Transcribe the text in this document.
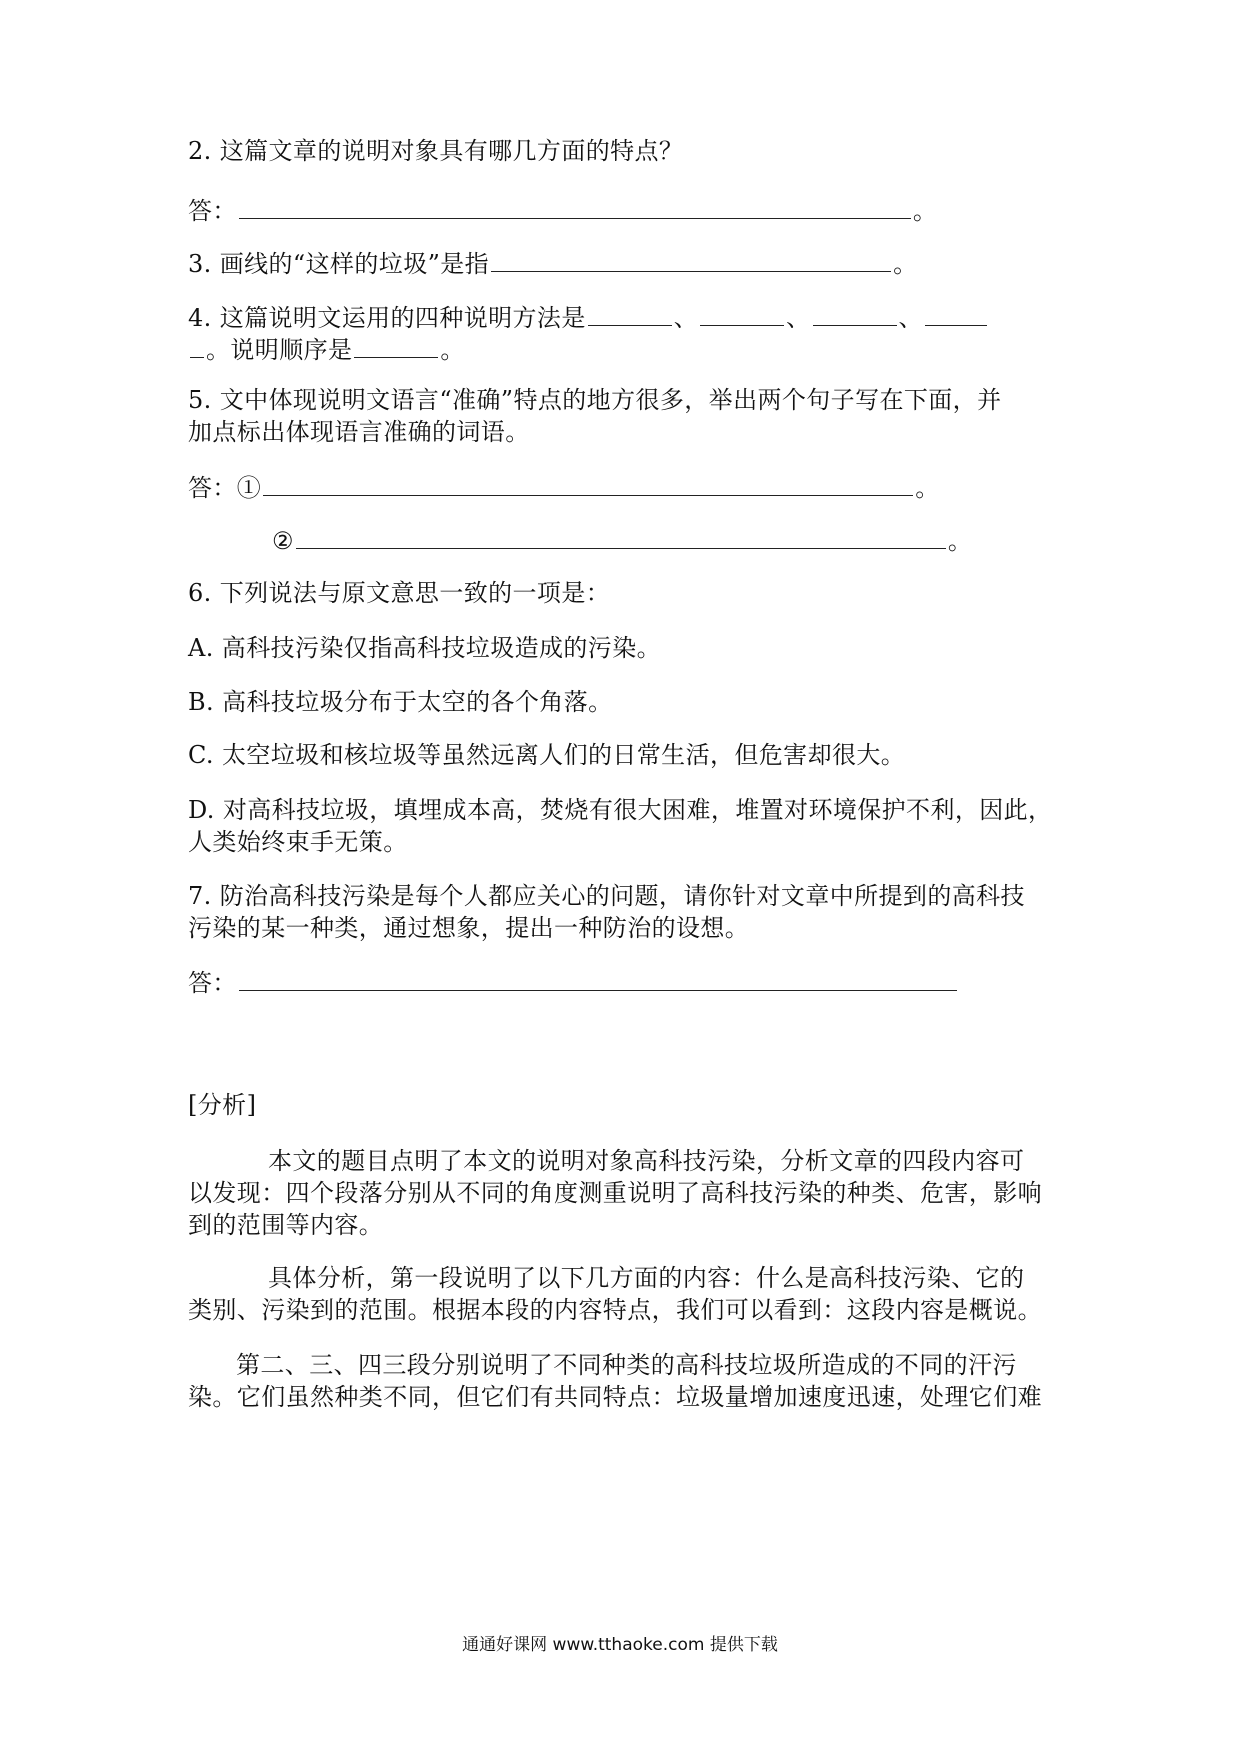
2. 这篇文章的说明对象具有哪几方面的特点？
答：	。
3. 画线的“这样的垃圾”是指	。
4. 这篇说明文运用的四种说明方法是	、	、	、
。说明顺序是	。
5. 文中体现说明文语言“准确”特点的地方很多，举出两个句子写在下面，并
加点标出体现语言准确的词语。
答：①	。
②	。
6. 下列说法与原文意思一致的一项是：
A. 高科技污染仅指高科技垃圾造成的污染。
B. 高科技垃圾分布于太空的各个角落。
C. 太空垃圾和核垃圾等虽然远离人们的日常生活，但危害却很大。
D. 对高科技垃圾，填埋成本高，焚烧有很大困难，堆置对环境保护不利，因此，
人类始终束手无策。
7. 防治高科技污染是每个人都应关心的问题，请你针对文章中所提到的高科技
污染的某一种类，通过想象，提出一种防治的设想。
答：
[分析]
本文的题目点明了本文的说明对象高科技污染，分析文章的四段内容可
以发现：四个段落分别从不同的角度测重说明了高科技污染的种类、危害，影响
到的范围等内容。
具体分析，第一段说明了以下几方面的内容：什么是高科技污染、它的
类别、污染到的范围。根据本段的内容特点，我们可以看到：这段内容是概说。
第二、三、四三段分别说明了不同种类的高科技垃圾所造成的不同的汗污
染。它们虽然种类不同，但它们有共同特点：垃圾量增加速度迅速，处理它们难
通通好课网 www.tthaoke.com 提供下载
